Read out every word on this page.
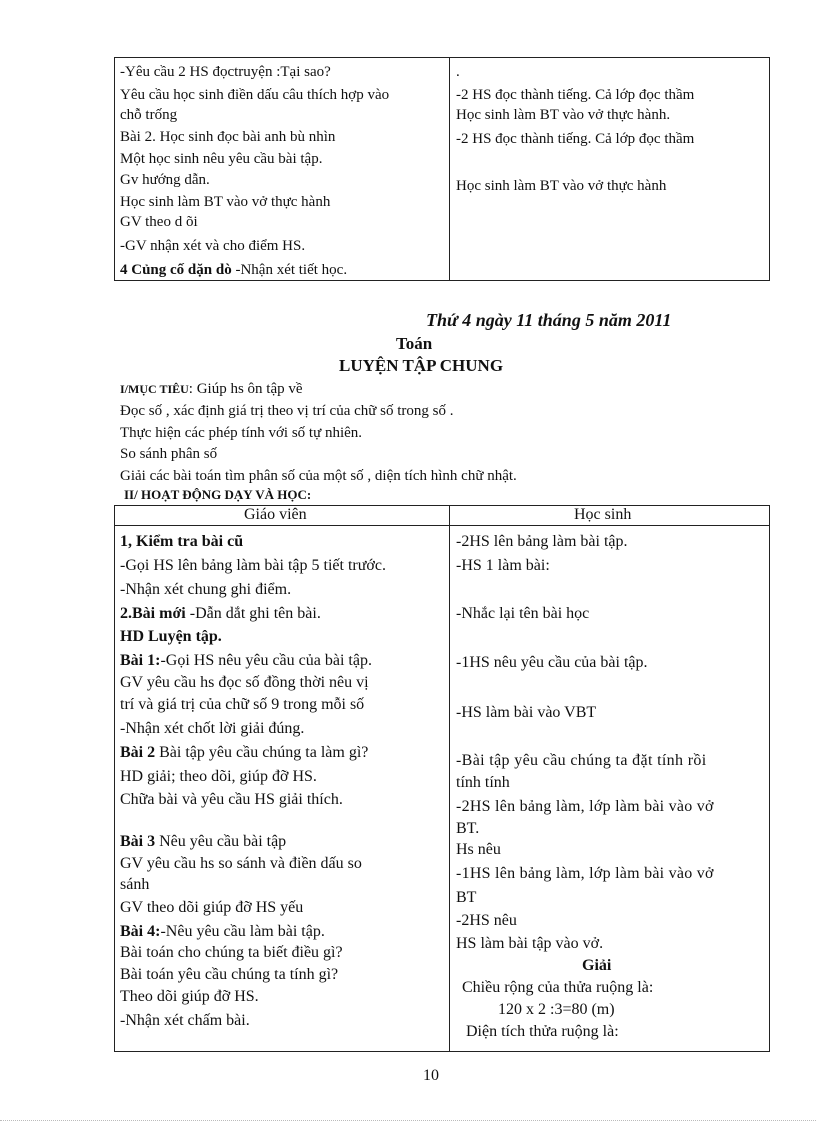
-Yêu cầu 2 HS đọctruyện :Tại sao?
Yêu cầu học sinh điền dấu câu thích hợp vào
chỗ trống
Bài 2. Học sinh đọc bài anh bù nhìn
Một học sinh nêu yêu cầu bài tập.
Gv hướng dẫn.
Học sinh làm BT vào vở thực hành
GV theo d õi
-GV nhận xét và cho điểm HS.
4 Củng cố dặn dò -Nhận xét tiết học.
.
-2 HS đọc thành tiếng. Cả lớp đọc thầm
Học sinh làm BT vào vở thực hành.
-2 HS đọc thành tiếng. Cả lớp đọc thầm
Học sinh làm BT vào vở thực hành
Thứ 4 ngày 11 tháng 5 năm 2011
Toán
LUYỆN TẬP CHUNG
I/MỤC TIÊU: Giúp hs ôn tập về
Đọc số , xác định giá trị theo vị trí của chữ số trong số .
Thực hiện các phép tính với số tự nhiên.
So sánh phân số
Giải các bài toán tìm phân số của một số , diện tích hình chữ nhật.
II/ HOẠT ĐỘNG DẠY VÀ HỌC:
Giáo viên	Học sinh
1, Kiểm tra bài cũ
-Gọi HS lên bảng làm bài tập 5 tiết trước.
-Nhận xét chung ghi điểm.
2.Bài mới -Dẫn dắt ghi tên bài.
HD Luyện tập.
Bài 1:-Gọi HS nêu yêu cầu của bài tập.
GV yêu cầu hs đọc số đồng thời nêu vị
trí và giá trị của chữ số 9 trong mỗi số
-Nhận xét chốt lời giải đúng.
Bài 2 Bài tập yêu cầu chúng ta làm gì?
HD giải; theo dõi, giúp đỡ HS.
Chữa bài và yêu cầu HS giải thích.
Bài 3 Nêu yêu cầu bài tập
GV yêu cầu hs so sánh và điền dấu so
sánh
GV theo dõi giúp đỡ HS yếu
Bài 4:-Nêu yêu cầu làm bài tập.
Bài toán cho chúng ta biết điều gì?
Bài toán yêu cầu chúng ta tính gì?
Theo dõi giúp đỡ HS.
-Nhận xét chấm bài.
-2HS lên bảng làm bài tập.
-HS 1 làm bài:
-Nhắc lại tên bài học
-1HS nêu yêu cầu của bài tập.
-HS làm bài vào VBT
-Bài tập yêu cầu chúng ta đặt tính rồi
tính tính
-2HS lên bảng làm, lớp làm bài vào vở
BT.
Hs nêu
-1HS lên bảng làm, lớp làm bài vào vở
BT
-2HS nêu
HS làm bài tập vào vở.
Giải
Chiều rộng của thửa ruộng là:
120 x 2 :3=80 (m)
Diện tích thửa ruộng là:
10
